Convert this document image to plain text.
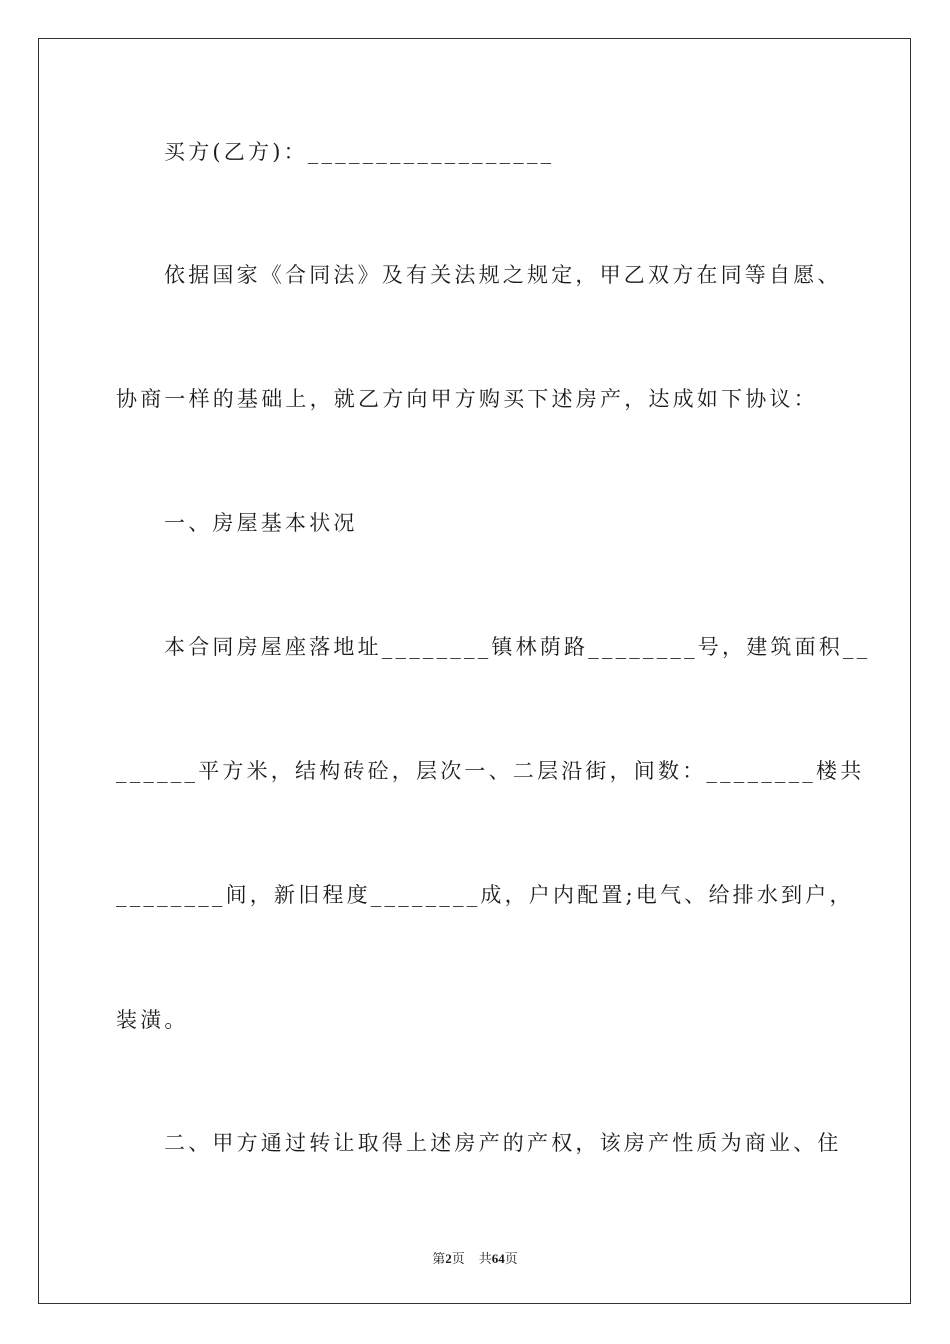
买方(乙方)：__________________
依据国家《合同法》及有关法规之规定，甲乙双方在同等自愿、
协商一样的基础上，就乙方向甲方购买下述房产，达成如下协议：
一、房屋基本状况
本合同房屋座落地址________镇林荫路________号，建筑面积__
______平方米，结构砖砼，层次一、二层沿街，间数：________楼共
________间，新旧程度________成，户内配置;电气、给排水到户，
装潢。
二、甲方通过转让取得上述房产的产权，该房产性质为商业、住
第2页 共64页
